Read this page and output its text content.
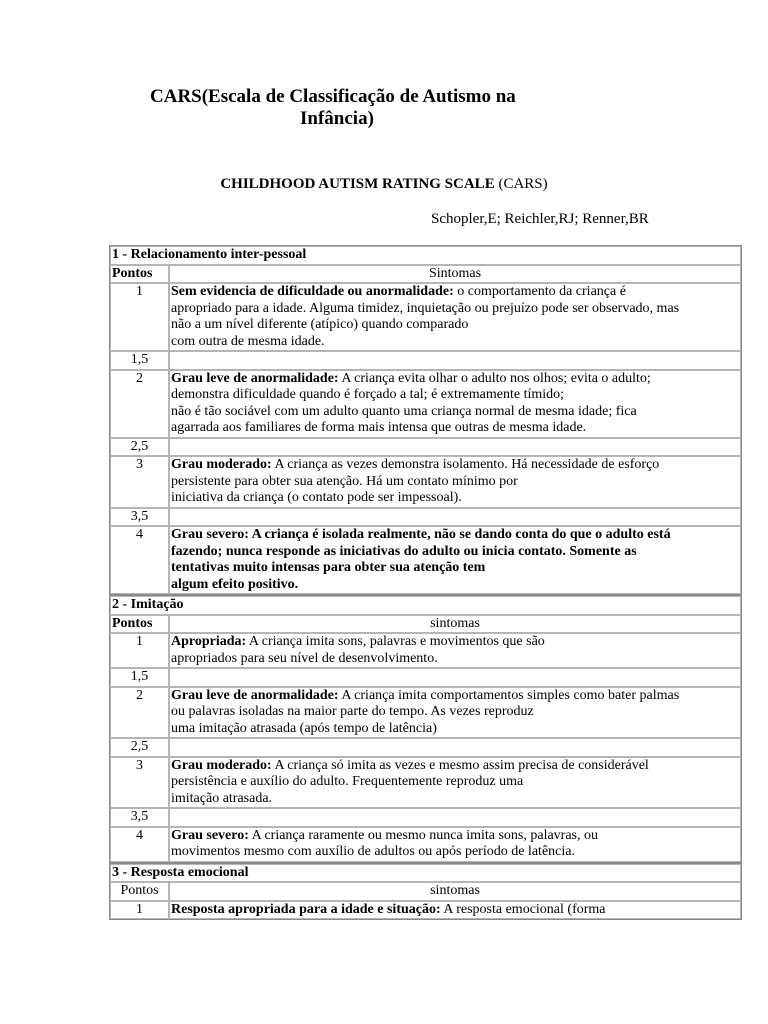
CARS(Escala de Classificação de Autismo na
Infância)
CHILDHOOD AUTISM RATING SCALE (CARS)
Schopler,E; Reichler,RJ; Renner,BR
1 - Relacionamento inter-pessoal	
Pontos	Sintomas
1	Sem evidencia de dificuldade ou anormalidade: o comportamento da criança é
apropriado para a idade. Alguma timidez, inquietação ou prejuízo pode ser observado, mas
não a um nível diferente (atípico) quando comparado
com outra de mesma idade.
1,5	
2	Grau leve de anormalidade: A criança evita olhar o adulto nos olhos; evita o adulto;
demonstra dificuldade quando é forçado a tal; é extremamente tímido;
não é tão sociável com um adulto quanto uma criança normal de mesma idade; fica
agarrada aos familiares de forma mais intensa que outras de mesma idade.
2,5	
3	Grau moderado: A criança as vezes demonstra isolamento. Há necessidade de esforço
persistente para obter sua atenção. Há um contato mínimo por
iniciativa da criança (o contato pode ser impessoal).
3,5	
4	Grau severo: A criança é isolada realmente, não se dando conta do que o adulto está
fazendo; nunca responde as iniciativas do adulto ou inicia contato. Somente as
tentativas muito intensas para obter sua atenção tem
algum efeito positivo.
2 - Imitação	
Pontos	sintomas
1	Apropriada: A criança imita sons, palavras e movimentos que são
apropriados para seu nível de desenvolvimento.
1,5	
2	Grau leve de anormalidade: A criança imita comportamentos simples como bater palmas
ou palavras isoladas na maior parte do tempo. As vezes reproduz
uma imitação atrasada (após tempo de latência)
2,5	
3	Grau moderado: A criança só imita as vezes e mesmo assim precisa de considerável
persistência e auxílio do adulto. Frequentemente reproduz uma
imitação atrasada.
3,5	
4	Grau severo: A criança raramente ou mesmo nunca imita sons, palavras, ou
movimentos mesmo com auxílio de adultos ou após período de latência.
3 - Resposta emocional	
Pontos	sintomas
1	Resposta apropriada para a idade e situação: A resposta emocional (forma
